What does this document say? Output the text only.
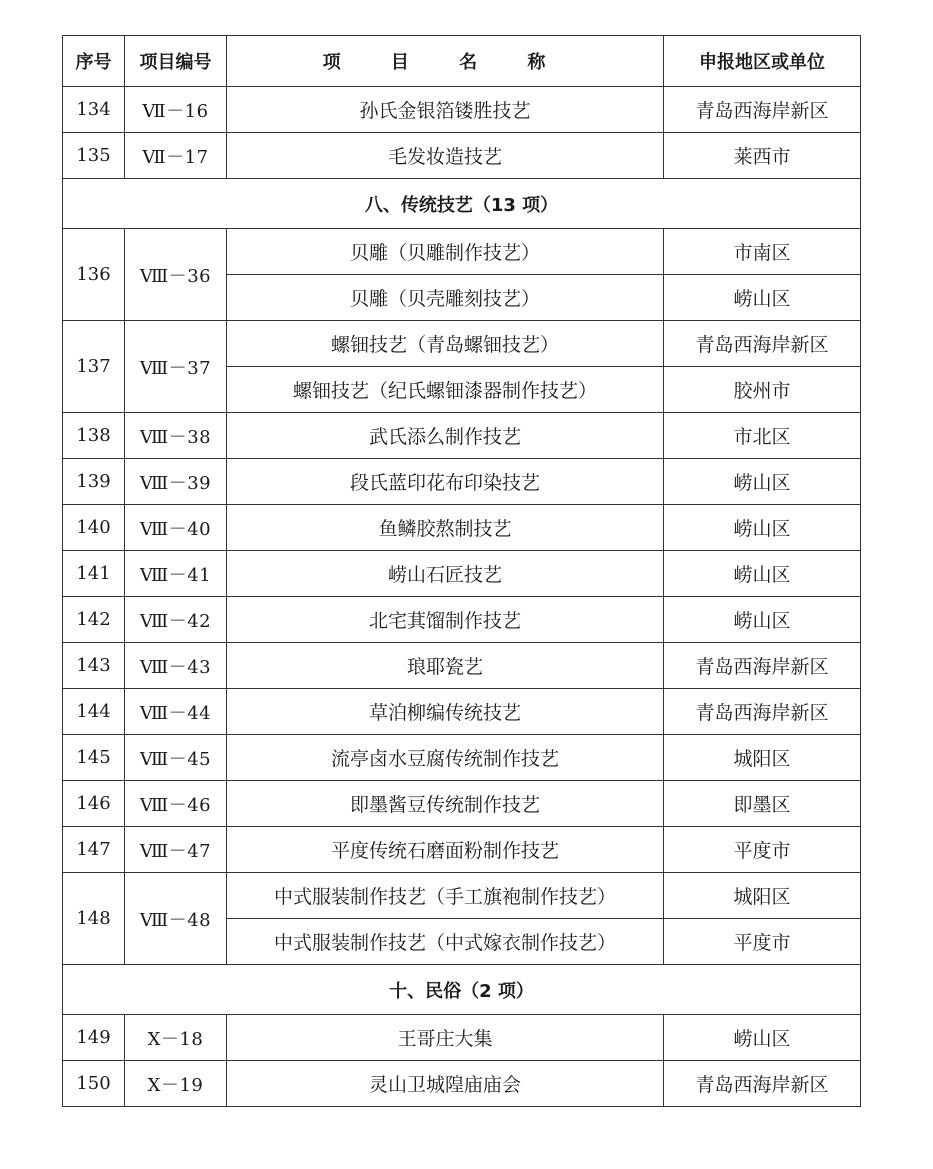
序号	项目编号	项 目 名 称	申报地区或单位
134	Ⅶ－16	孙氏金银箔镂胜技艺	青岛西海岸新区
135	Ⅶ－17	毛发妆造技艺	莱西市
八、传统技艺（13 项）			
136	Ⅷ－36	贝雕（贝雕制作技艺）	市南区
		贝雕（贝壳雕刻技艺）	崂山区
137	Ⅷ－37	螺钿技艺（青岛螺钿技艺）	青岛西海岸新区
		螺钿技艺（纪氏螺钿漆器制作技艺）	胶州市
138	Ⅷ－38	武氏添么制作技艺	市北区
139	Ⅷ－39	段氏蓝印花布印染技艺	崂山区
140	Ⅷ－40	鱼鳞胶熬制技艺	崂山区
141	Ⅷ－41	崂山石匠技艺	崂山区
142	Ⅷ－42	北宅萁馏制作技艺	崂山区
143	Ⅷ－43	琅耶瓷艺	青岛西海岸新区
144	Ⅷ－44	草泊柳编传统技艺	青岛西海岸新区
145	Ⅷ－45	流亭卤水豆腐传统制作技艺	城阳区
146	Ⅷ－46	即墨酱豆传统制作技艺	即墨区
147	Ⅷ－47	平度传统石磨面粉制作技艺	平度市
148	Ⅷ－48	中式服装制作技艺（手工旗袍制作技艺）	城阳区
		中式服装制作技艺（中式嫁衣制作技艺）	平度市
十、民俗（2 项）			
149	Ⅹ－18	王哥庄大集	崂山区
150	Ⅹ－19	灵山卫城隍庙庙会	青岛西海岸新区
